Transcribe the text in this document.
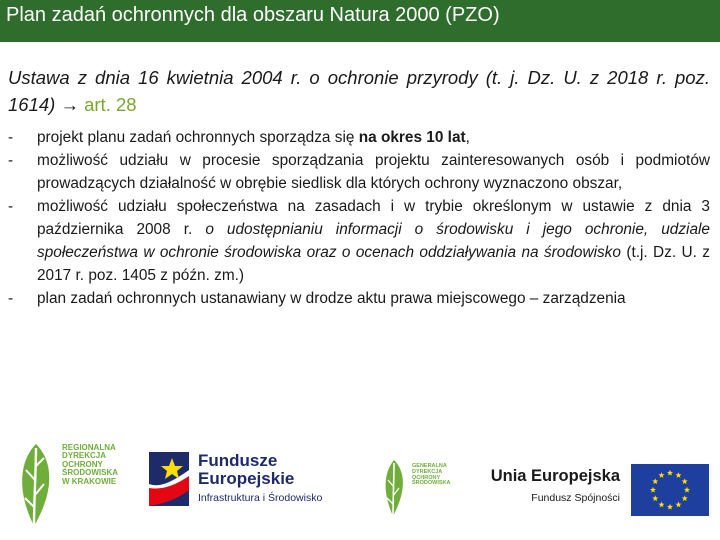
Plan zadań ochronnych dla obszaru Natura 2000 (PZO)
Ustawa z dnia 16 kwietnia 2004 r. o ochronie przyrody (t. j. Dz. U. z 2018 r. poz. 1614) → art. 28
- projekt planu zadań ochronnych sporządza się na okres 10 lat,
- możliwość udziału w procesie sporządzania projektu zainteresowanych osób i podmiotów prowadzących działalność w obrębie siedlisk dla których ochrony wyznaczono obszar,
- możliwość udziału społeczeństwa na zasadach i w trybie określonym w ustawie z dnia 3 października 2008 r. o udostępnianiu informacji o środowisku i jego ochronie, udziale społeczeństwa w ochronie środowiska oraz o ocenach oddziaływania na środowisko (t.j. Dz. U. z 2017 r. poz. 1405 z późn. zm.)
- plan zadań ochronnych ustanawiany w drodze aktu prawa miejscowego – zarządzenia
REGIONALNA
DYREKCJA
OCHRONY
ŚRODOWISKA
W KRAKOWIE
Fundusze
Europejskie
Infrastruktura i Środowisko
GENERALNA
DYREKCJA
OCHRONY
ŚRODOWISKA Unia Europejska
Fundusz Spójności
